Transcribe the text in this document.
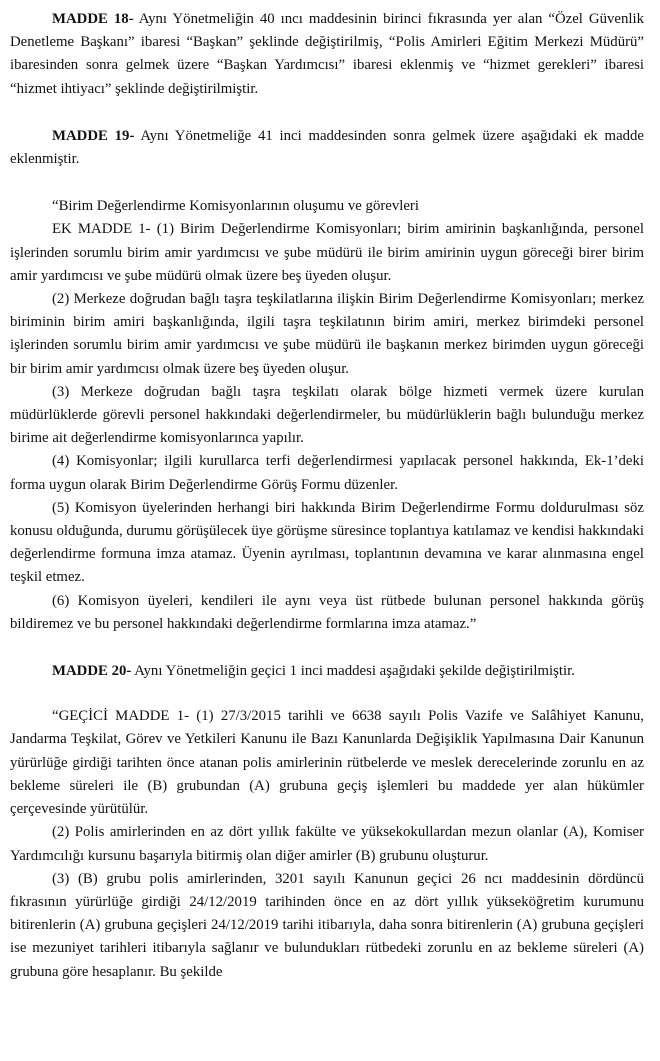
MADDE 18- Aynı Yönetmeliğin 40 ıncı maddesinin birinci fıkrasında yer alan “Özel Güvenlik Denetleme Başkanı” ibaresi “Başkan” şeklinde değiştirilmiş, “Polis Amirleri Eğitim Merkezi Müdürü” ibaresinden sonra gelmek üzere “Başkan Yardımcısı” ibaresi eklenmiş ve “hizmet gerekleri” ibaresi “hizmet ihtiyacı” şeklinde değiştirilmiştir.

MADDE 19- Aynı Yönetmeliğe 41 inci maddesinden sonra gelmek üzere aşağıdaki ek madde eklenmiştir.

“Birim Değerlendirme Komisyonlarının oluşumu ve görevleri

EK MADDE 1- (1) Birim Değerlendirme Komisyonları; birim amirinin başkanlığında, personel işlerinden sorumlu birim amir yardımcısı ve şube müdürü ile birim amirinin uygun göreceği birer birim amir yardımcısı ve şube müdürü olmak üzere beş üyeden oluşur.

(2) Merkeze doğrudan bağlı taşra teşkilatlarına ilişkin Birim Değerlendirme Komisyonları; merkez biriminin birim amiri başkanlığında, ilgili taşra teşkilatının birim amiri, merkez birimdeki personel işlerinden sorumlu birim amir yardımcısı ve şube müdürü ile başkanın merkez birimden uygun göreceği bir birim amir yardımcısı olmak üzere beş üyeden oluşur.

(3) Merkeze doğrudan bağlı taşra teşkilatı olarak bölge hizmeti vermek üzere kurulan müdürlüklerde görevli personel hakkındaki değerlendirmeler, bu müdürlüklerin bağlı bulunduğu merkez birime ait değerlendirme komisyonlarınca yapılır.

(4) Komisyonlar; ilgili kurullarca terfi değerlendirmesi yapılacak personel hakkında, Ek-1’deki forma uygun olarak Birim Değerlendirme Görüş Formu düzenler.

(5) Komisyon üyelerinden herhangi biri hakkında Birim Değerlendirme Formu doldurulması söz konusu olduğunda, durumu görüşülecek üye görüşme süresince toplantıya katılamaz ve kendisi hakkındaki değerlendirme formuna imza atamaz. Üyenin ayrılması, toplantının devamına ve karar alınmasına engel teşkil etmez.

(6) Komisyon üyeleri, kendileri ile aynı veya üst rütbede bulunan personel hakkında görüş bildiremez ve bu personel hakkındaki değerlendirme formlarına imza atamaz.”

MADDE 20- Aynı Yönetmeliğin geçici 1 inci maddesi aşağıdaki şekilde değiştirilmiştir.

“GEÇİCİ MADDE 1- (1) 27/3/2015 tarihli ve 6638 sayılı Polis Vazife ve Salâhiyet Kanunu, Jandarma Teşkilat, Görev ve Yetkileri Kanunu ile Bazı Kanunlarda Değişiklik Yapılmasına Dair Kanunun yürürlüğe girdiği tarihten önce atanan polis amirlerinin rütbelerde ve meslek derecelerinde zorunlu en az bekleme süreleri ile (B) grubundan (A) grubuna geçiş işlemleri bu maddede yer alan hükümler çerçevesinde yürütülür.

(2) Polis amirlerinden en az dört yıllık fakülte ve yüksekokullardan mezun olanlar (A), Komiser Yardımcılığı kursunu başarıyla bitirmiş olan diğer amirler (B) grubunu oluşturur.

(3) (B) grubu polis amirlerinden, 3201 sayılı Kanunun geçici 26 ncı maddesinin dördüncü fıkrasının yürürlüğe girdiği 24/12/2019 tarihinden önce en az dört yıllık yükseköğretim kurumunu bitirenlerin (A) grubuna geçişleri 24/12/2019 tarihi itibarıyla, daha sonra bitirenlerin (A) grubuna geçişleri ise mezuniyet tarihleri itibarıyla sağlanır ve bulundukları rütbedeki zorunlu en az bekleme süreleri (A) grubuna göre hesaplanır. Bu şekilde
